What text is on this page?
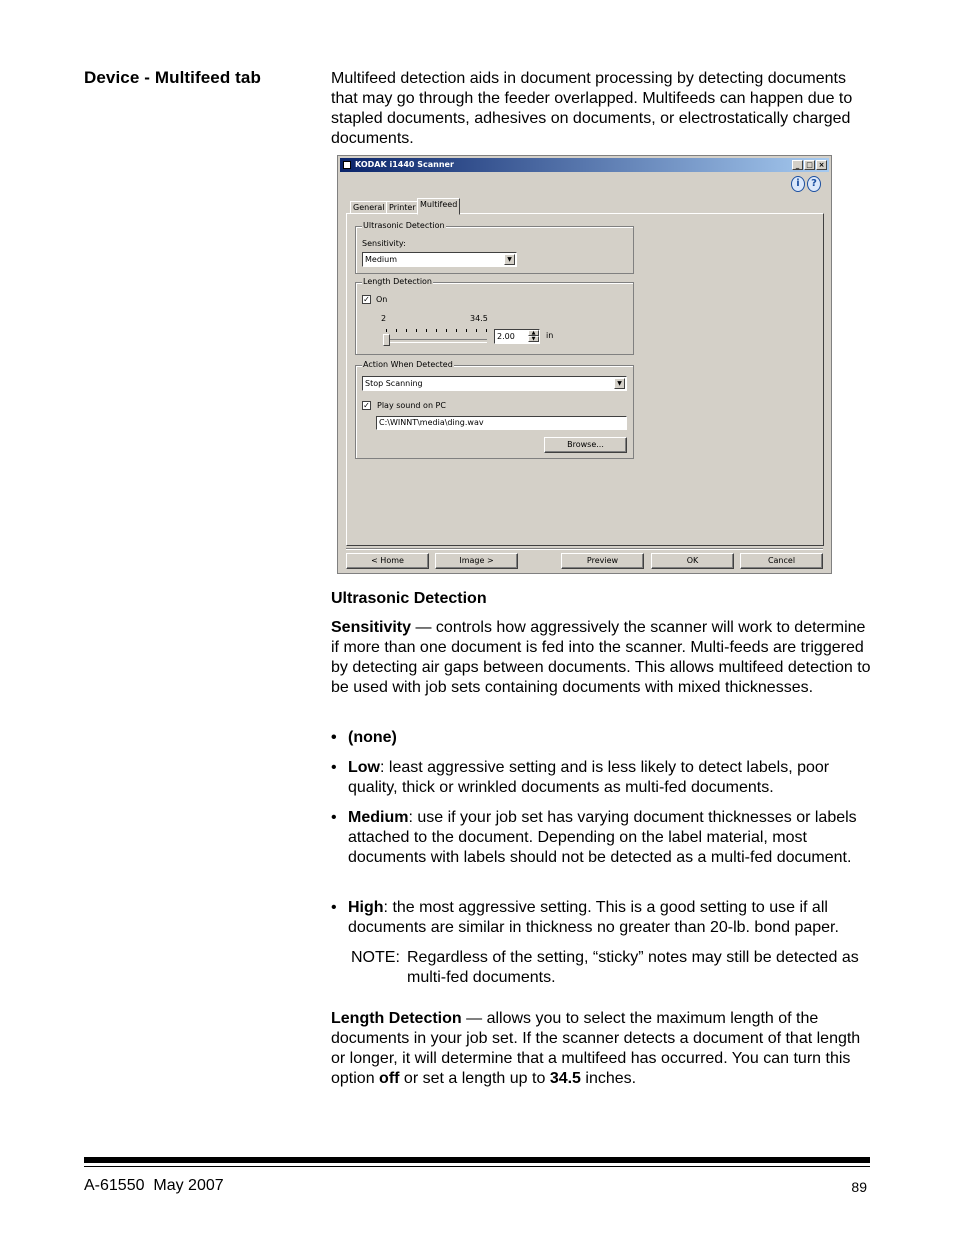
Device - Multifeed tab	Multifeed detection aids in document processing by detecting documents that may go through the feeder overlapped. Multifeeds can happen due to stapled documents, adhesives on documents, or electrostatically charged documents.

KODAK i1440 Scanner	_ □ ×
i	?
General Printer Multifeed
Ultrasonic Detection
Sensitivity:
Medium	▼
Length Detection
✓ On
2	34.5
2.00	▲
▼	in
Action When Detected
Stop Scanning	▼
✓ Play sound on PC
C:\WINNT\media\ding.wav
Browse...
< Home	Image >	Preview	OK	Cancel
Ultrasonic Detection

Sensitivity — controls how aggressively the scanner will work to determine if more than one document is fed into the scanner. Multi-feeds are triggered by detecting air gaps between documents. This allows multifeed detection to be used with job sets containing documents with mixed thicknesses.

• (none)
• Low: least aggressive setting and is less likely to detect labels, poor quality, thick or wrinkled documents as multi-fed documents.
• Medium: use if your job set has varying document thicknesses or labels attached to the document. Depending on the label material, most documents with labels should not be detected as a multi-fed document.
• High: the most aggressive setting. This is a good setting to use if all documents are similar in thickness no greater than 20-lb. bond paper.
NOTE: Regardless of the setting, “sticky” notes may still be detected as multi-fed documents.

Length Detection — allows you to select the maximum length of the documents in your job set. If the scanner detects a document of that length or longer, it will determine that a multifeed has occurred. You can turn this option off or set a length up to 34.5 inches.

A-61550  May 2007	89
